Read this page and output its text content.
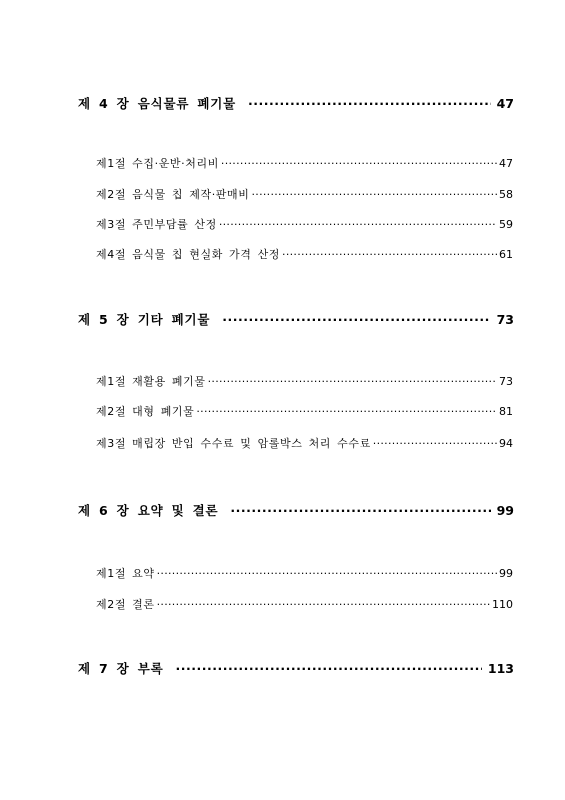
제 4 장 음식물류 폐기물 ·····	47
제1절 수집·운반·처리비 ·····	47
제2절 음식물 칩 제작·판매비 ·····	58
제3절 주민부담률 산정 ·····	59
제4절 음식물 칩 현실화 가격 산정 ·····	61
제 5 장 기타 폐기물 ·····	73
제1절 재활용 폐기물 ·····	73
제2절 대형 폐기물 ·····	81
제3절 매립장 반입 수수료 및 암롤박스 처리 수수료 ·····	94
제 6 장 요약 및 결론 ·····	99
제1절 요약 ·····	99
제2절 결론 ·····	110
제 7 장 부록 ·····	113
